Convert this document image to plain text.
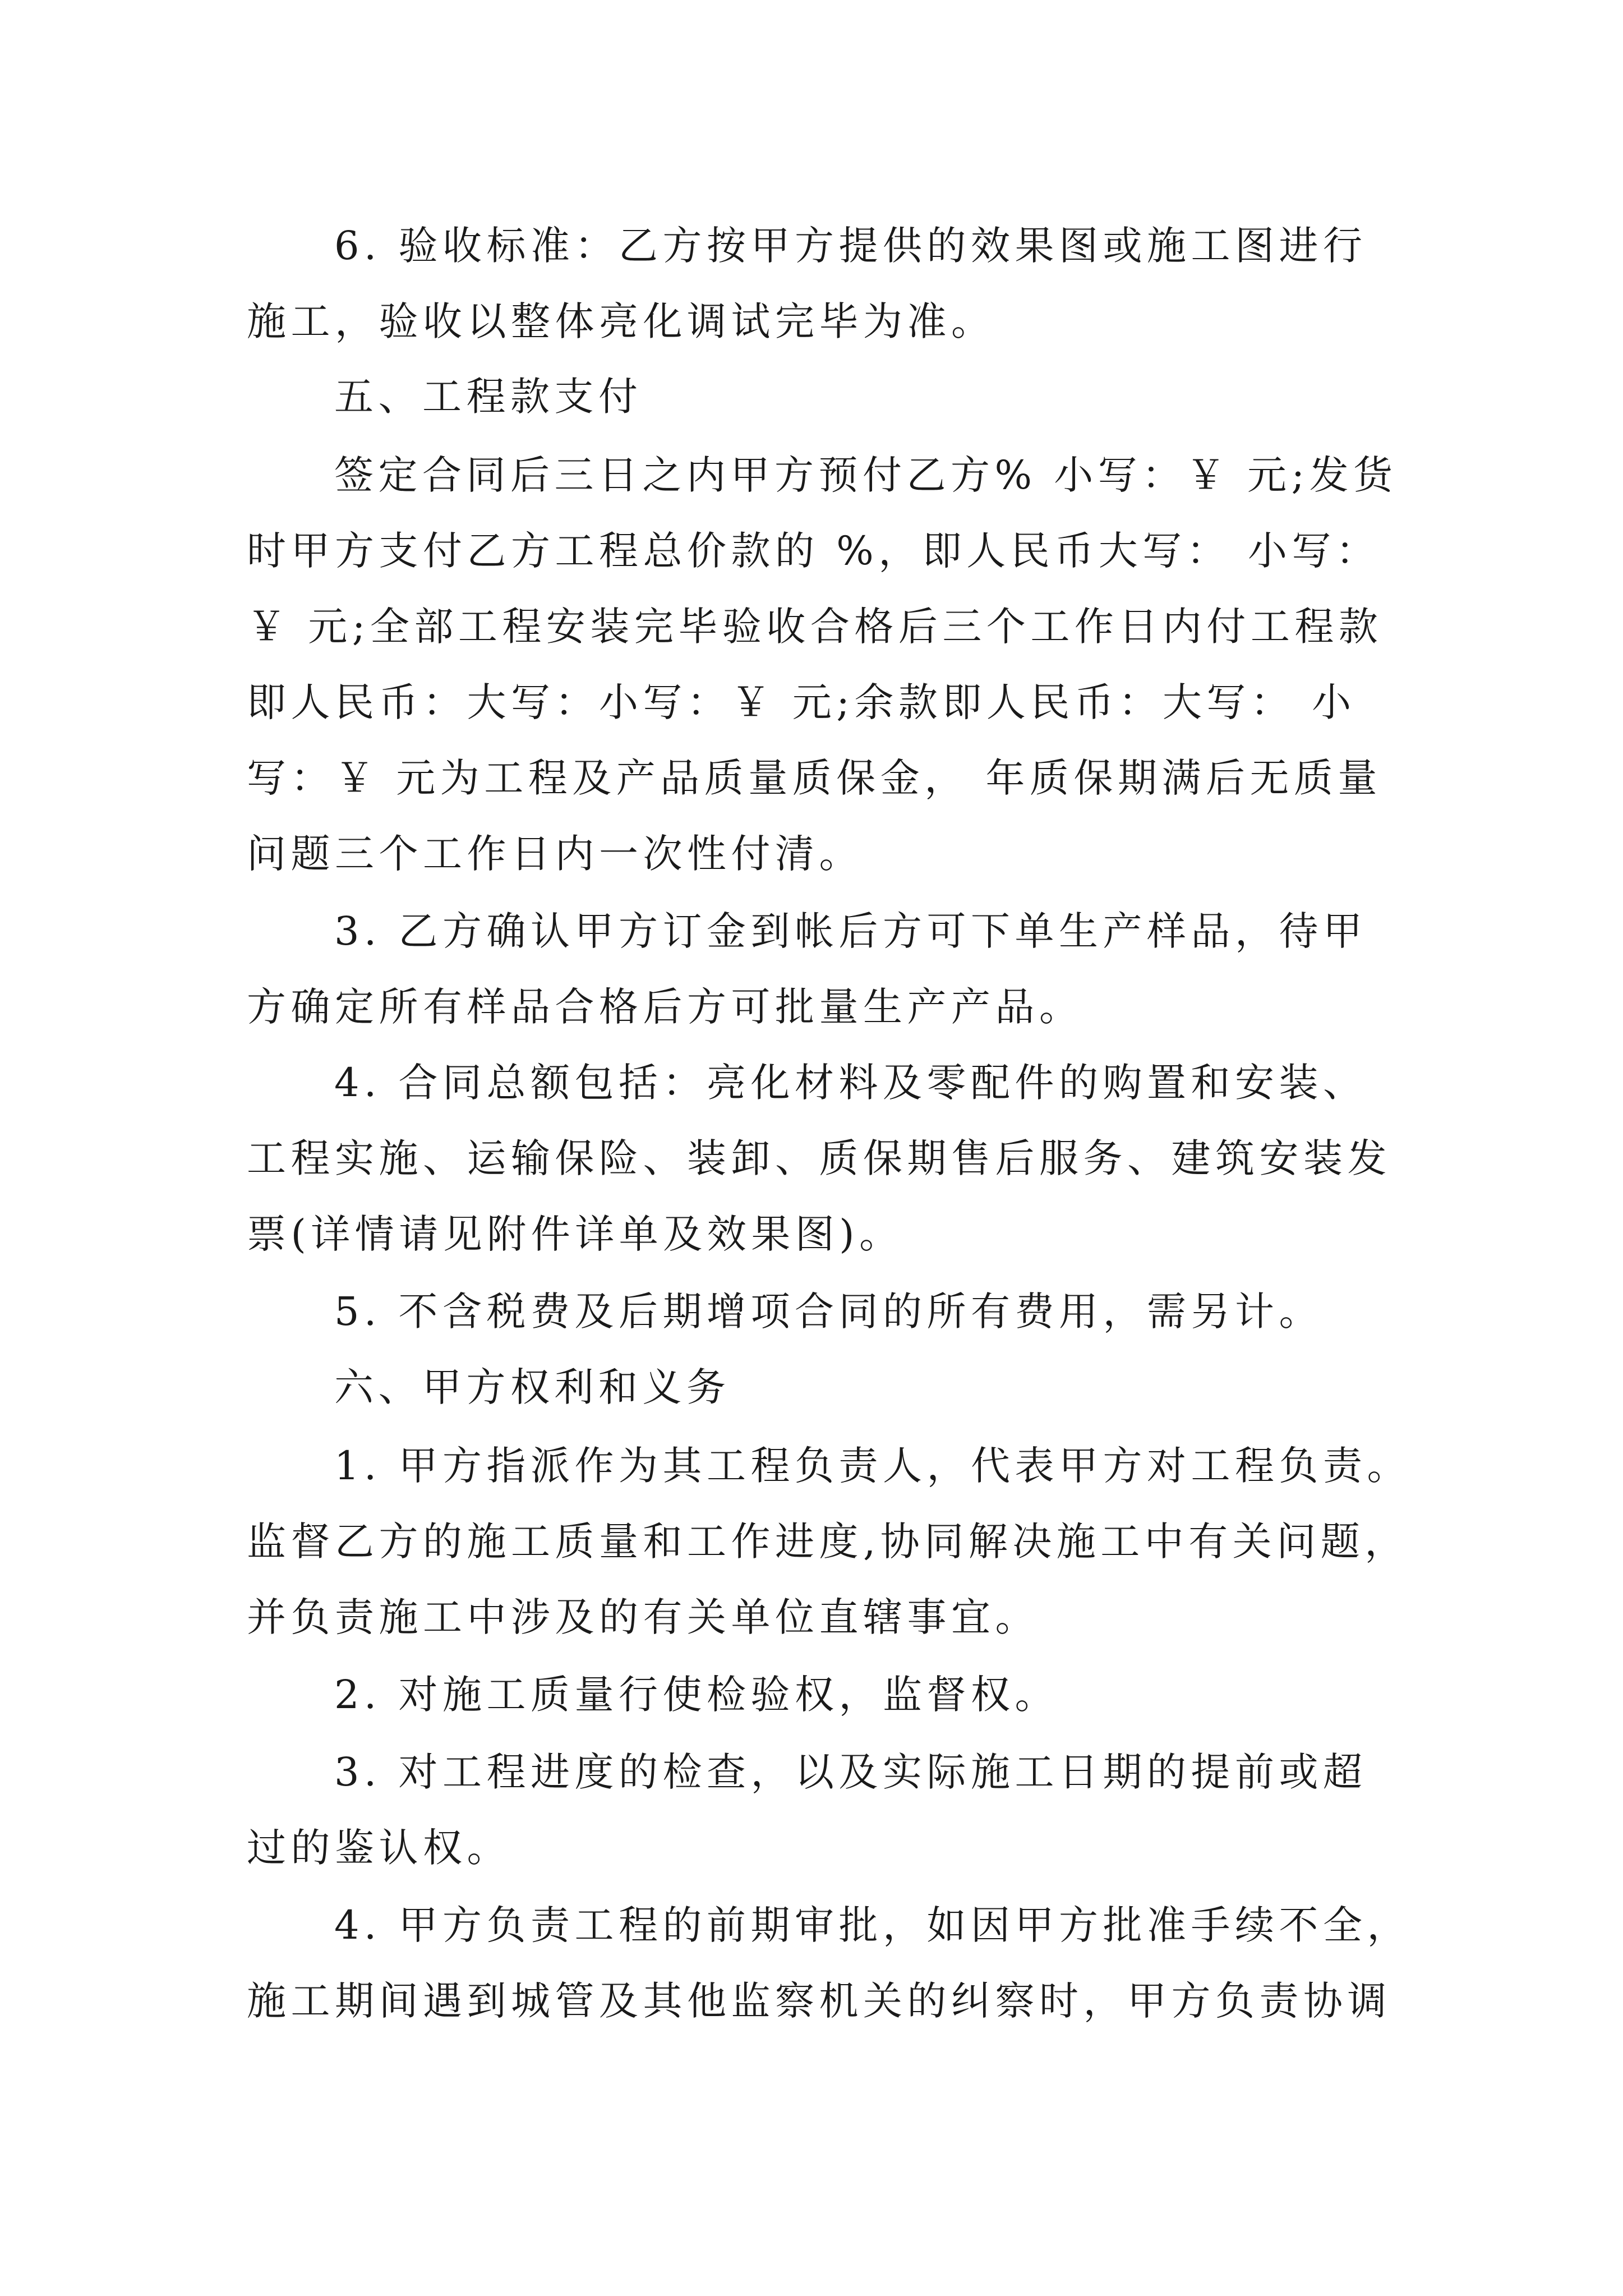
6. 验收标准：乙方按甲方提供的效果图或施工图进行
施工，验收以整体亮化调试完毕为准。
五、工程款支付
签定合同后三日之内甲方预付乙方% 小写：￥ 元;发货
时甲方支付乙方工程总价款的 %，即人民币大写： 小写：
￥ 元;全部工程安装完毕验收合格后三个工作日内付工程款
即人民币：大写：小写：￥ 元;余款即人民币：大写： 小
写：￥ 元为工程及产品质量质保金， 年质保期满后无质量
问题三个工作日内一次性付清。
3. 乙方确认甲方订金到帐后方可下单生产样品，待甲
方确定所有样品合格后方可批量生产产品。
4. 合同总额包括：亮化材料及零配件的购置和安装、
工程实施、运输保险、装卸、质保期售后服务、建筑安装发
票(详情请见附件详单及效果图)。
5. 不含税费及后期增项合同的所有费用，需另计。
六、甲方权利和义务
1. 甲方指派作为其工程负责人，代表甲方对工程负责。
监督乙方的施工质量和工作进度,协同解决施工中有关问题，
并负责施工中涉及的有关单位直辖事宜。
2. 对施工质量行使检验权，监督权。
3. 对工程进度的检查，以及实际施工日期的提前或超
过的鉴认权。
4. 甲方负责工程的前期审批，如因甲方批准手续不全，
施工期间遇到城管及其他监察机关的纠察时，甲方负责协调
